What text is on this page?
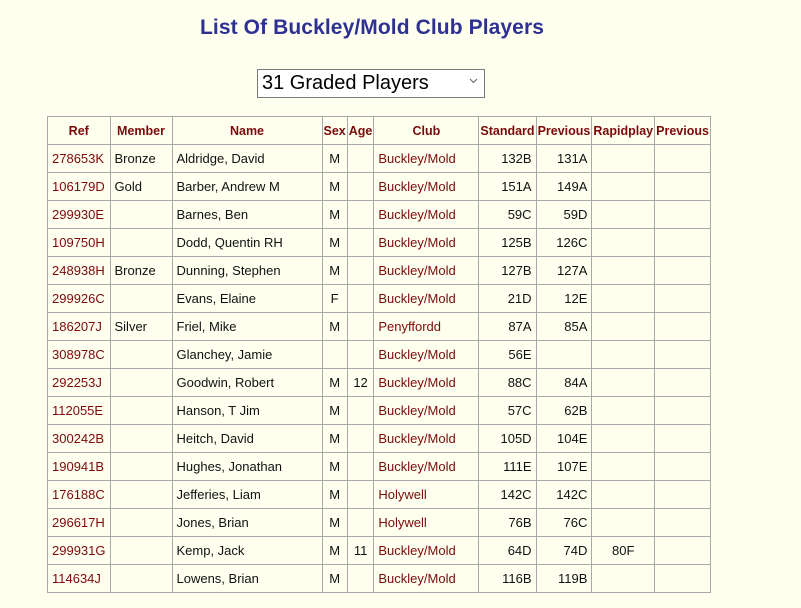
List Of Buckley/Mold Club Players
31 Graded Players
Ref	Member	Name	Sex	Age	Club	Standard	Previous	Rapidplay	Previous
278653K	Bronze	Aldridge, David	M		Buckley/Mold	132B	131A		
106179D	Gold	Barber, Andrew M	M		Buckley/Mold	151A	149A		
299930E		Barnes, Ben	M		Buckley/Mold	59C	59D		
109750H		Dodd, Quentin RH	M		Buckley/Mold	125B	126C		
248938H	Bronze	Dunning, Stephen	M		Buckley/Mold	127B	127A		
299926C		Evans, Elaine	F		Buckley/Mold	21D	12E		
186207J	Silver	Friel, Mike	M		Penyffordd	87A	85A		
308978C		Glanchey, Jamie			Buckley/Mold	56E			
292253J		Goodwin, Robert	M	12	Buckley/Mold	88C	84A		
112055E		Hanson, T Jim	M		Buckley/Mold	57C	62B		
300242B		Heitch, David	M		Buckley/Mold	105D	104E		
190941B		Hughes, Jonathan	M		Buckley/Mold	111E	107E		
176188C		Jefferies, Liam	M		Holywell	142C	142C		
296617H		Jones, Brian	M		Holywell	76B	76C		
299931G		Kemp, Jack	M	11	Buckley/Mold	64D	74D	80F	
114634J		Lowens, Brian	M		Buckley/Mold	116B	119B		
